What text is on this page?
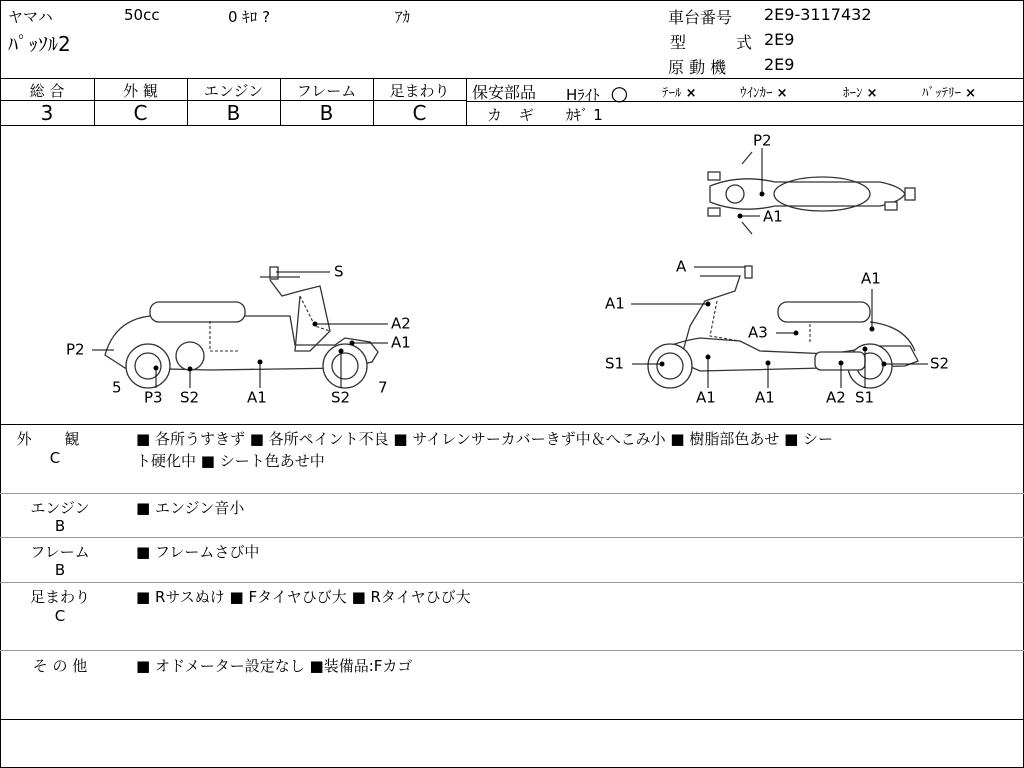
ヤマハ	50cc	0 ｷﾛ ?	ｱｶ
ﾊﾟｯｿﾙ2
車台番号 2E9-3117432
型	式 2E9
原 動 機 2E9
総 合	外 観	エンジン	フレーム	足まわり
3	C	B	B	C
保安部品 Hﾗｲﾄ ○	ﾃｰﾙ ×	ｳｲﾝｶｰ ×	ﾎｰﾝ ×	ﾊﾞｯﾃﾘｰ ×
カ ギ ｶｷﾞ 1
S
A2
A1
P2
5
P3 S2	A1	S2
7
P2
A1
A
A1
A1
A3
S1
A1	A1	A2 S1
S2
外 観
C
■ 各所うすきず ■ 各所ペイント不良 ■ サイレンサーカバーきず中＆へこみ小 ■ 樹脂部色あせ ■ シー
ト硬化中 ■ シート色あせ中
エンジン
B
■ エンジン音小
フレーム
B
■ フレームさび中
足まわり
C
■ Rサスぬけ ■ Fタイヤひび大 ■ Rタイヤひび大
そ の 他	■ オドメーター設定なし ■装備品:Fカゴ
